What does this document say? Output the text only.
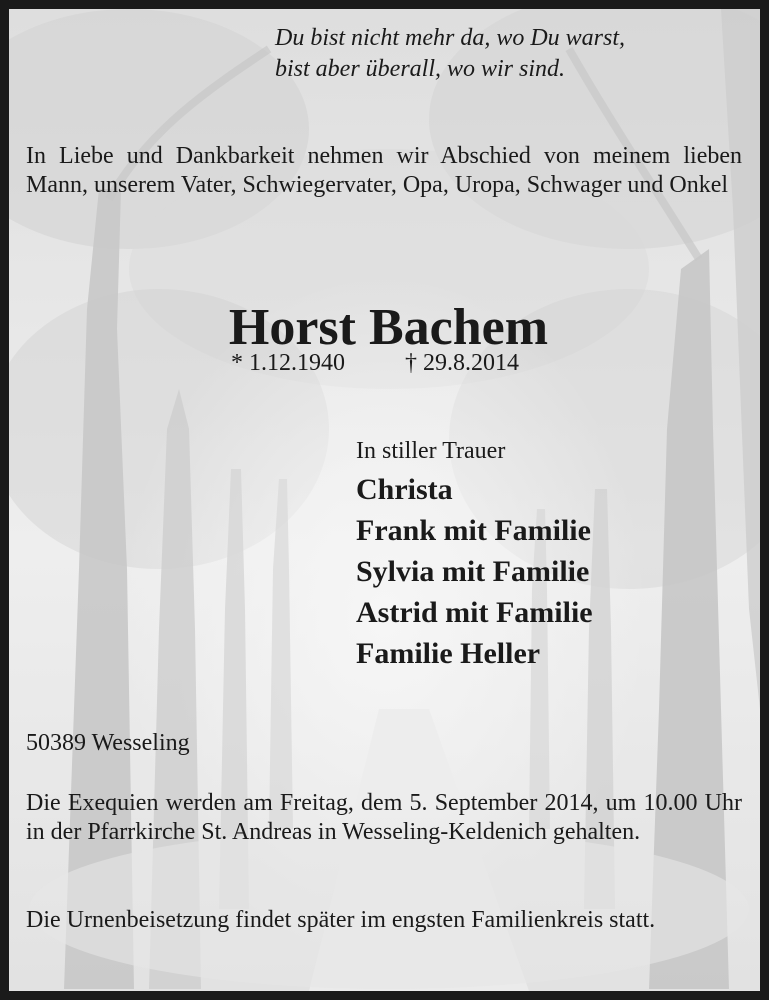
Du bist nicht mehr da, wo Du warst,
bist aber überall, wo wir sind.
In Liebe und Dankbarkeit nehmen wir Abschied von meinem lieben Mann, unserem Vater, Schwiegervater, Opa, Uropa, Schwager und Onkel
Horst Bachem
* 1.12.1940	† 29.8.2014
In stiller Trauer
Christa
Frank mit Familie
Sylvia mit Familie
Astrid mit Familie
Familie Heller
50389 Wesseling
Die Exequien werden am Freitag, dem 5. September 2014, um 10.00 Uhr in der Pfarrkirche St. Andreas in Wesseling-Keldenich gehalten.
Die Urnenbeisetzung findet später im engsten Familienkreis statt.
